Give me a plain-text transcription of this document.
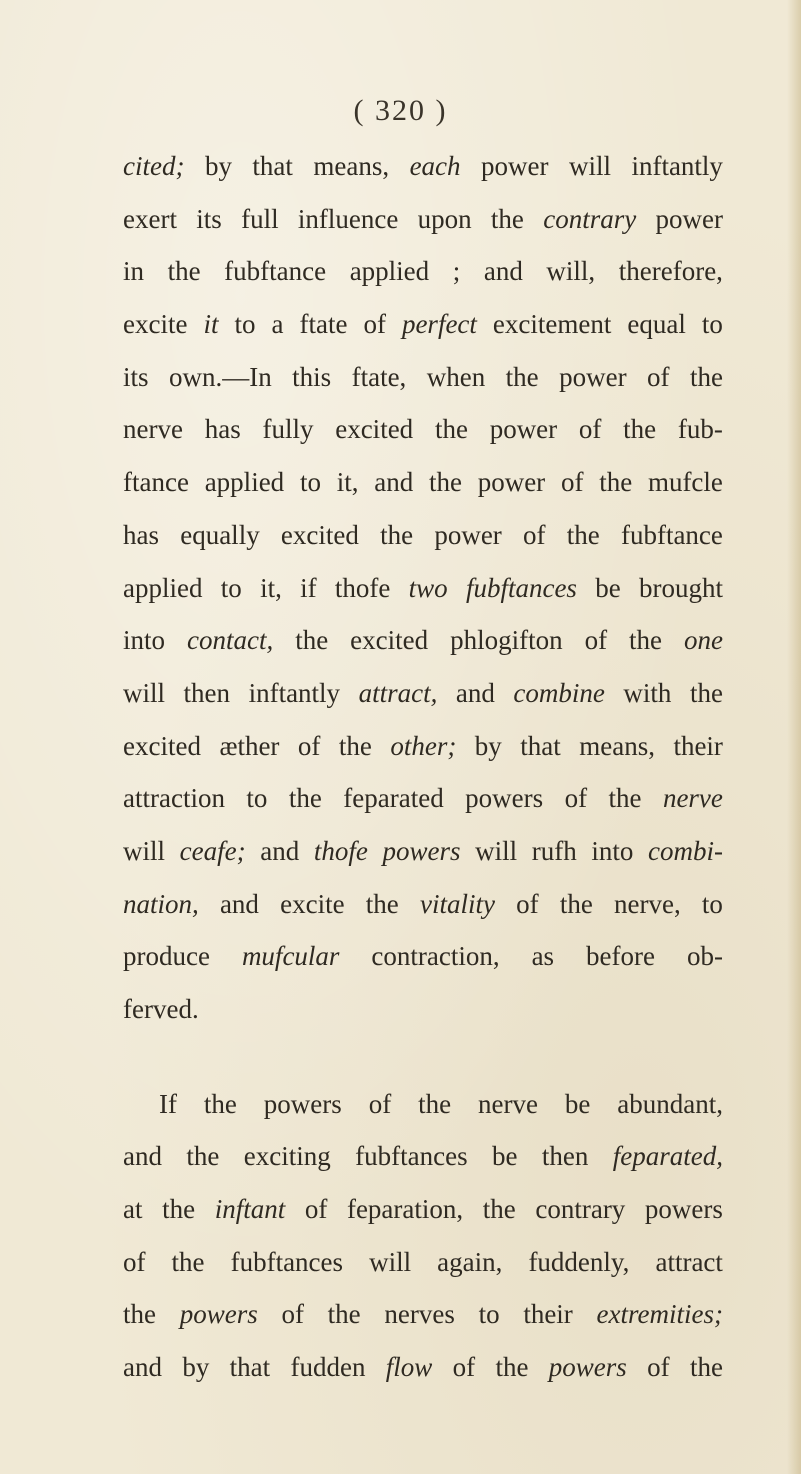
( 320 )
cited; by that means, each power will inftantly
exert its full influence upon the contrary power
in the fubftance applied ; and will, therefore,
excite it to a ftate of perfect excitement equal to
its own.—In this ftate, when the power of the
nerve has fully excited the power of the fub-
ftance applied to it, and the power of the mufcle
has equally excited the power of the fubftance
applied to it, if thofe two fubftances be brought
into contact, the excited phlogifton of the one
will then inftantly attract, and combine with the
excited æther of the other; by that means, their
attraction to the feparated powers of the nerve
will ceafe; and thofe powers will rufh into combi-
nation, and excite the vitality of the nerve, to
produce mufcular contraction, as before ob-
ferved.
If the powers of the nerve be abundant,
and the exciting fubftances be then feparated,
at the inftant of feparation, the contrary powers
of the fubftances will again, fuddenly, attract
the powers of the nerves to their extremities;
and by that fudden flow of the powers of the
